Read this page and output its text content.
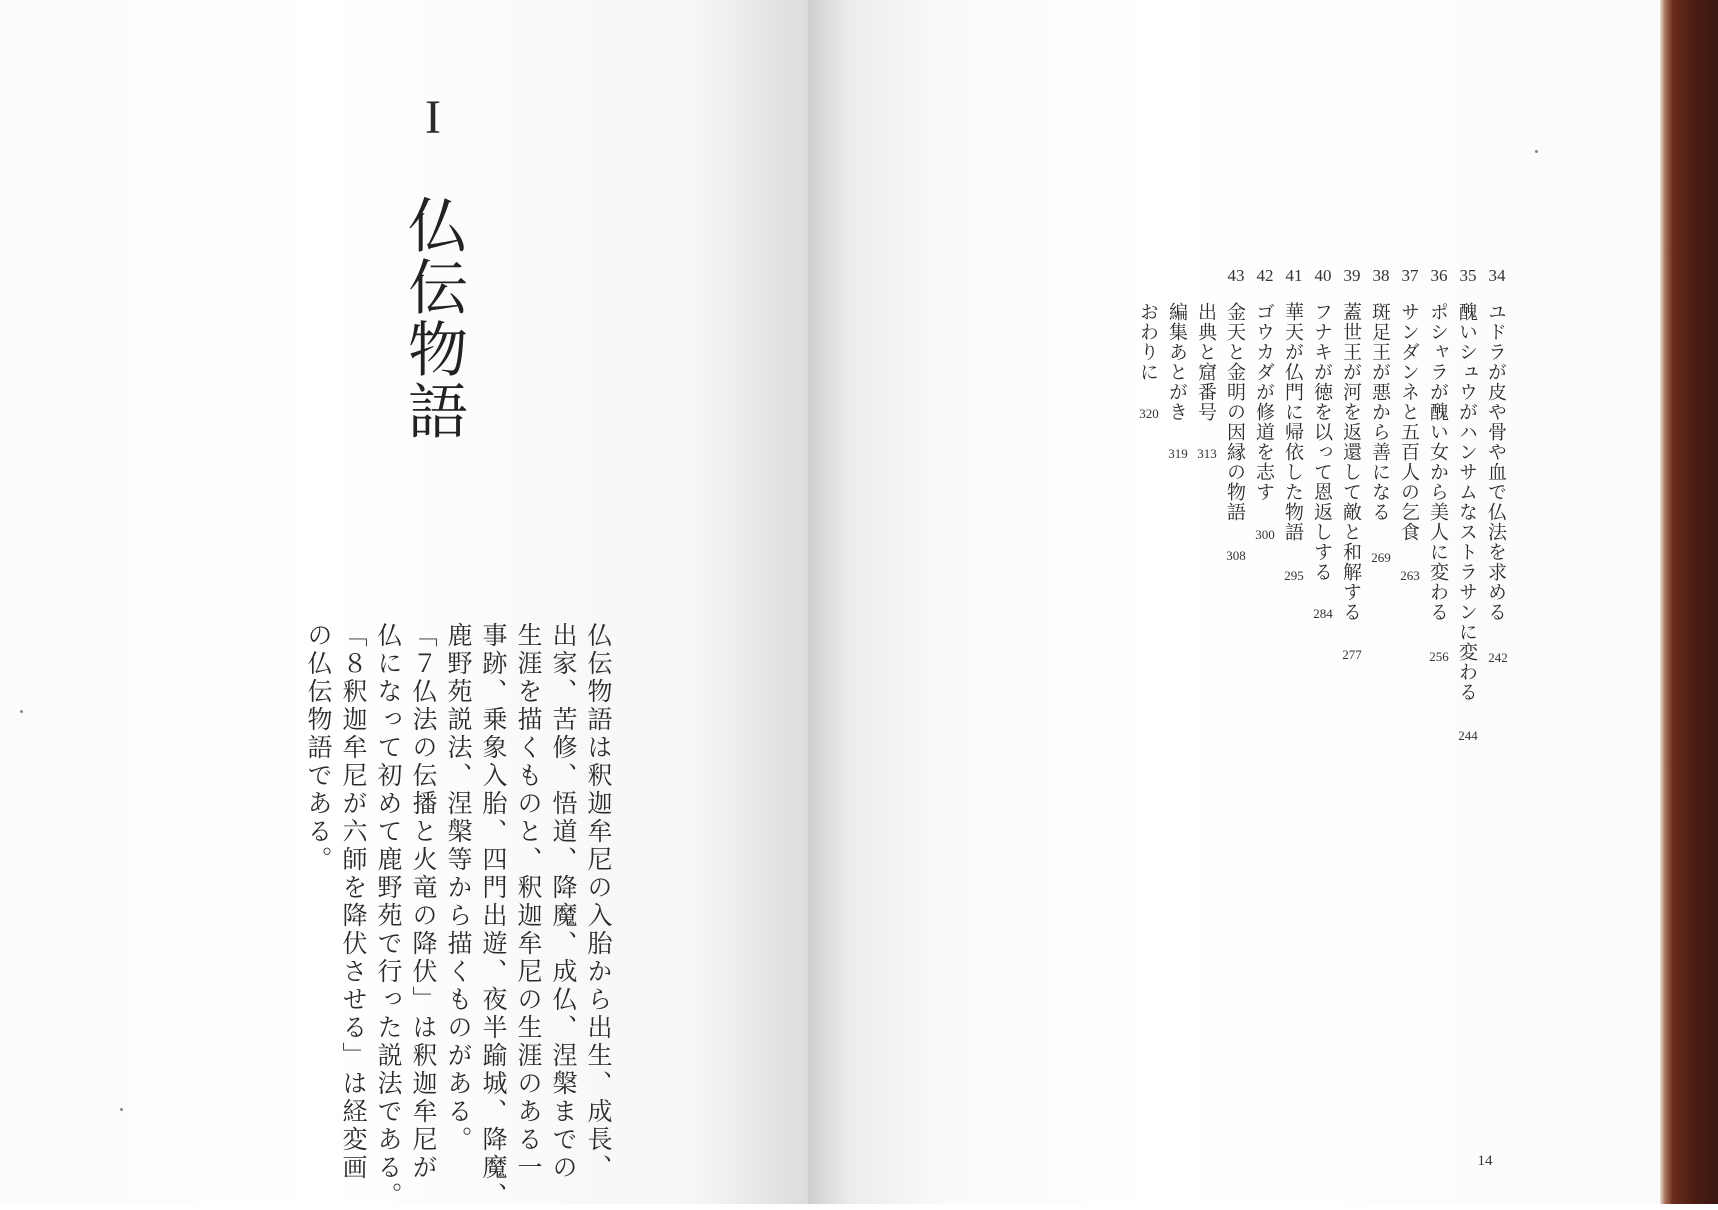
I
仏伝物語
仏伝物語は釈迦牟尼の入胎から出生、成長、
出家、苦修、悟道、降魔、成仏、涅槃までの
生涯を描くものと、釈迦牟尼の生涯のある一
事跡、乗象入胎、四門出遊、夜半踰城、降魔、
鹿野苑説法、涅槃等から描くものがある。
「７仏法の伝播と火竜の降伏」は釈迦牟尼が
仏になって初めて鹿野苑で行った説法である。
「８釈迦牟尼が六師を降伏させる」は経変画
の仏伝物語である。
34
ユドラが皮や骨や血で仏法を求める
242
35
醜いシュウがハンサムなストラサンに変わる
244
36
ポシャラが醜い女から美人に変わる
256
37
サンダンネと五百人の乞食
263
38
斑足王が悪から善になる
269
39
蓋世王が河を返還して敵と和解する
277
40
フナキが徳を以って恩返しする
284
41
華天が仏門に帰依した物語
295
42
ゴウカダが修道を志す
300
43
金天と金明の因縁の物語
308
出典と窟番号
313
編集あとがき
319
おわりに
320
14
